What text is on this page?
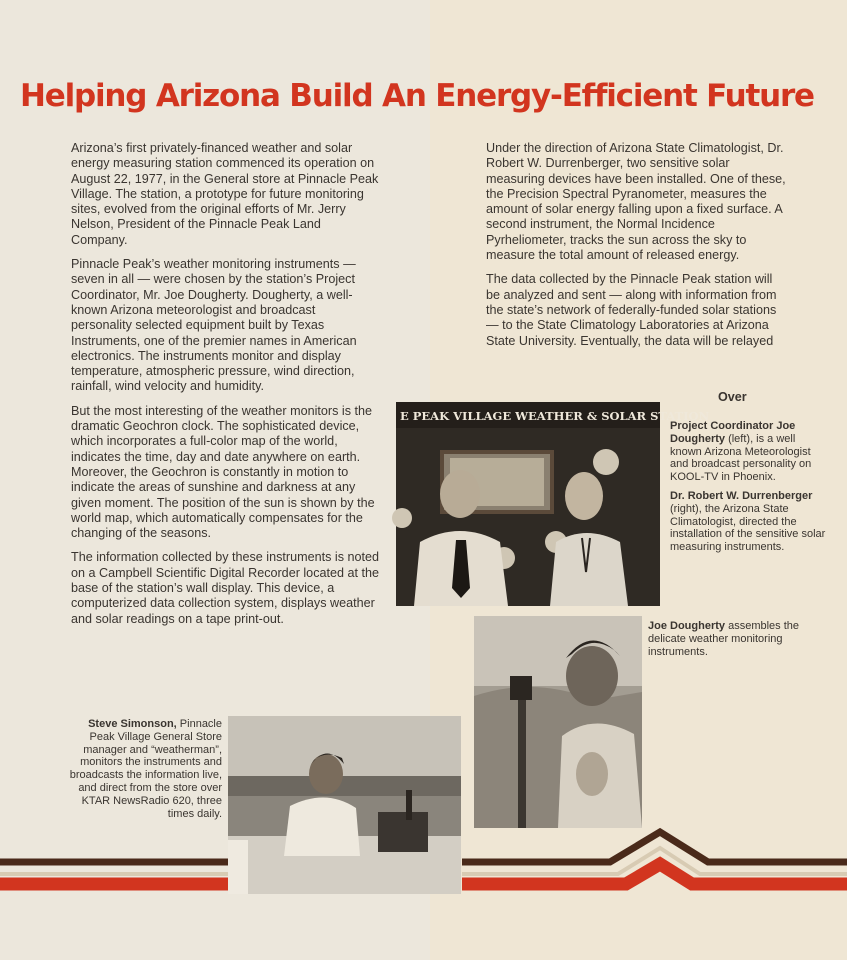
Helping Arizona Build An Energy-Efficient Future

Arizona’s first privately-financed weather and solar energy measuring station commenced its operation on August 22, 1977, in the General store at Pinnacle Peak Village. The station, a prototype for future monitoring sites, evolved from the original efforts of Mr. Jerry Nelson, President of the Pinnacle Peak Land Company.

Pinnacle Peak’s weather monitoring instruments — seven in all — were chosen by the station’s Project Coordinator, Mr. Joe Dougherty. Dougherty, a well-known Arizona meteorologist and broadcast personality selected equipment built by Texas Instruments, one of the premier names in American electronics. The instruments monitor and display temperature, atmospheric pressure, wind direction, rainfall, wind velocity and humidity.

But the most interesting of the weather monitors is the dramatic Geochron clock. The sophisticated device, which incorporates a full-color map of the world, indicates the time, day and date anywhere on earth. Moreover, the Geochron is constantly in motion to indicate the areas of sunshine and darkness at any given moment. The position of the sun is shown by the world map, which automatically compensates for the changing of the seasons.

The information collected by these instruments is noted on a Campbell Scientific Digital Recorder located at the base of the station’s wall display. This device, a computerized data collection system, displays weather and solar readings on a tape print-out.

Under the direction of Arizona State Climatologist, Dr. Robert W. Durrenberger, two sensitive solar measuring devices have been installed. One of these, the Precision Spectral Pyranometer, measures the amount of solar energy falling upon a fixed surface. A second instrument, the Normal Incidence Pyrheliometer, tracks the sun across the sky to measure the total amount of released energy.

The data collected by the Pinnacle Peak station will be analyzed and sent — along with information from the state’s network of federally-funded solar stations — to the State Climatology Laboratories at Arizona State University. Eventually, the data will be relayed

Over
E PEAK VILLAGE WEATHER & SOLAR STATION

Project Coordinator Joe Dougherty (left), is a well known Arizona Meteorologist and broadcast personality on KOOL-TV in Phoenix.

Dr. Robert W. Durrenberger (right), the Arizona State Climatologist, directed the installation of the sensitive solar measuring instruments.

Joe Dougherty assembles the delicate weather monitoring instruments.

Steve Simonson, Pinnacle Peak Village General Store manager and “weatherman”, monitors the instruments and broadcasts the information live, and direct from the store over KTAR NewsRadio 620, three times daily.
